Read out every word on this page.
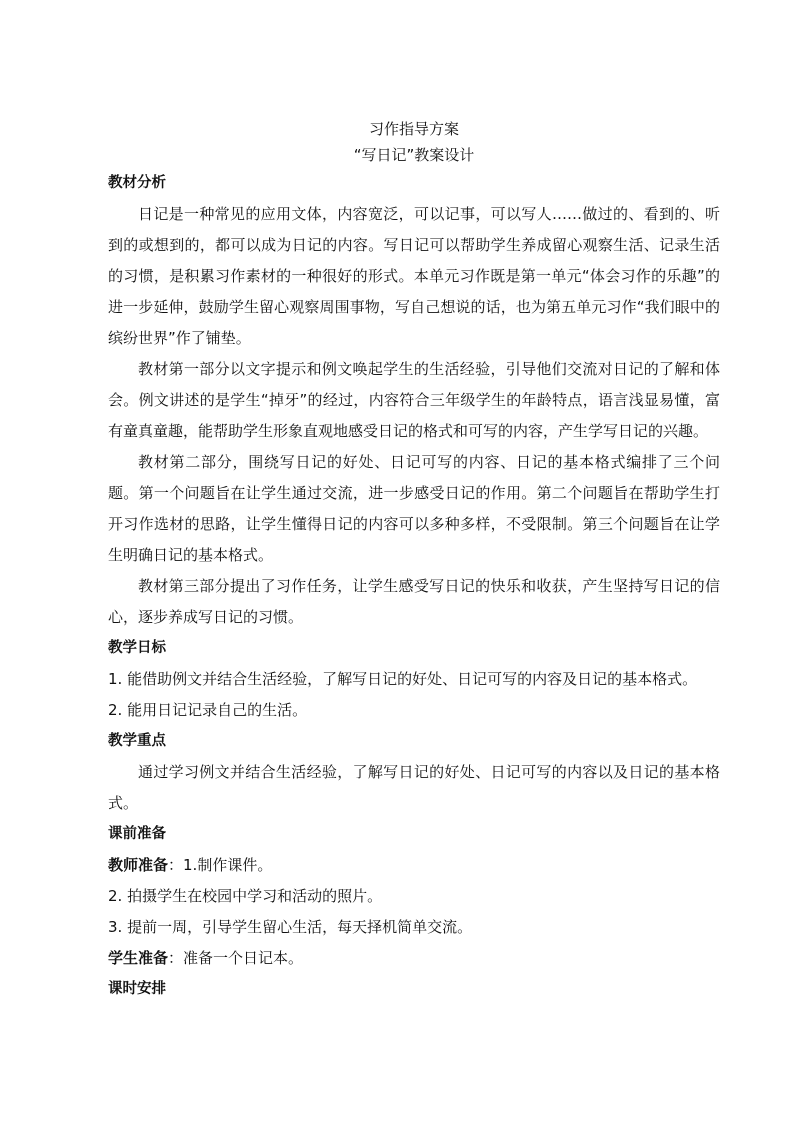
习作指导方案

“写日记”教案设计

教材分析

日记是一种常见的应用文体，内容宽泛，可以记事，可以写人……做过的、看到的、听到的或想到的，都可以成为日记的内容。写日记可以帮助学生养成留心观察生活、记录生活的习惯，是积累习作素材的一种很好的形式。本单元习作既是第一单元“体会习作的乐趣”的进一步延伸，鼓励学生留心观察周围事物，写自己想说的话，也为第五单元习作“我们眼中的缤纷世界”作了铺垫。

教材第一部分以文字提示和例文唤起学生的生活经验，引导他们交流对日记的了解和体会。例文讲述的是学生“掉牙”的经过，内容符合三年级学生的年龄特点，语言浅显易懂，富有童真童趣，能帮助学生形象直观地感受日记的格式和可写的内容，产生学写日记的兴趣。

教材第二部分，围绕写日记的好处、日记可写的内容、日记的基本格式编排了三个问题。第一个问题旨在让学生通过交流，进一步感受日记的作用。第二个问题旨在帮助学生打开习作选材的思路，让学生懂得日记的内容可以多种多样，不受限制。第三个问题旨在让学生明确日记的基本格式。

教材第三部分提出了习作任务，让学生感受写日记的快乐和收获，产生坚持写日记的信心，逐步养成写日记的习惯。

教学日标

1. 能借助例文并结合生活经验，了解写日记的好处、日记可写的内容及日记的基本格式。

2. 能用日记记录自己的生活。

教学重点

通过学习例文并结合生活经验，了解写日记的好处、日记可写的内容以及日记的基本格式。

课前准备

教师准备：1.制作课件。

2. 拍摄学生在校园中学习和活动的照片。

3. 提前一周，引导学生留心生活，每天择机简单交流。

学生准备：准备一个日记本。

课时安排
